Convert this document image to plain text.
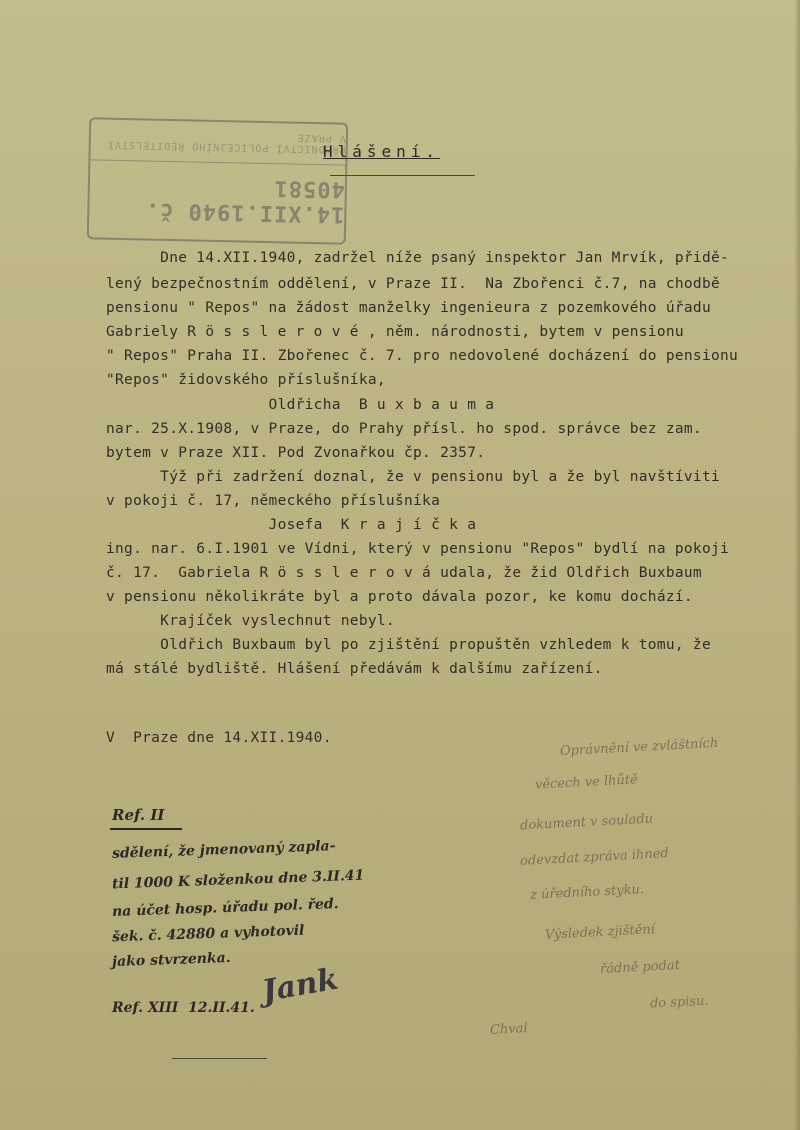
PŘEDNICTVÍ POLICEJNÍHO ŘEDITELSTVÍ V PRAZE
14.XII.1940 č. 40581
Hlášení.
Dne 14.XII.1940, zadržel níže psaný inspektor Jan Mrvík, přidě-
lený bezpečnostním oddělení, v Praze II.  Na Zbořenci č.7, na chodbě
pensionu " Repos" na žádost manželky ingenieura z pozemkového úřadu
Gabriely R ö s s l e r o v é , něm. národnosti, bytem v pensionu
" Repos" Praha II. Zbořenec č. 7. pro nedovolené docházení do pensionu
"Repos" židovského příslušníka,
Oldřicha  B u x b a u m a
nar. 25.X.1908, v Praze, do Prahy přísl. ho spod. správce bez zam.
bytem v Praze XII. Pod Zvonařkou čp. 2357.
Týž při zadržení doznal, že v pensionu byl a že byl navštíviti
v pokoji č. 17, německého příslušníka
Josefa  K r a j í č k a
ing. nar. 6.I.1901 ve Vídni, který v pensionu "Repos" bydlí na pokoji
č. 17.  Gabriela R ö s s l e r o v á udala, že žid Oldřich Buxbaum
v pensionu několikráte byl a proto dávala pozor, ke komu dochází.
Krajíček vyslechnut nebyl.
Oldřich Buxbaum byl po zjištění propuštěn vzhledem k tomu, že
má stálé bydliště. Hlášení předávám k dalšímu zařízení.
V  Praze dne 14.XII.1940.
Ref. II
sdělení, že jmenovaný zapla-
til 1000 K složenkou dne 3.II.41
na účet hosp. úřadu pol. řed.
šek. č. 42880 a vyhotovil
jako stvrzenka.
Jank
Ref. XIII  12.II.41.
Oprávnění ve zvláštních
věcech ve lhůtě
dokument v souladu
odevzdat zpráva ihned
z úředního styku.
Výsledek zjištění
řádně podat
do spisu.
Chval
